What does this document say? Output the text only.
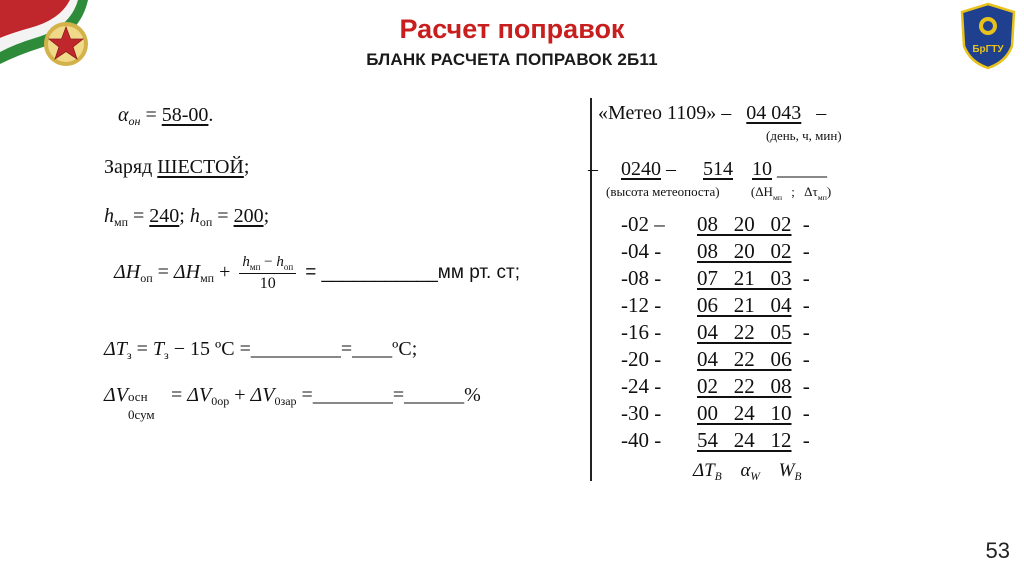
БрГТУ
Расчет поправок
БЛАНК РАСЧЕТА ПОПРАВОК 2Б11
$\alpha_{он} = 58-00$.
Заряд ШЕСТОЙ;
$h_{мп} = 240$; $h_{оп} = 200$;
$\Delta H_{оп} = \Delta H_{мп} + \frac{h_{мп} - h_{оп}}{10}$ = ___________мм рт. ст;
$\Delta T_з = T_з - 15$ ºC =_________=____ºC;
ΔV осн
0сум
= $\Delta V_{0ор} + \Delta V_{0зар}$ =________=______%
«Метео 1109» – 04 043 –
(день, ч, мин)
– 0240 – 514 10 _____
(высота метеопоста) ($\Delta H_{мп}$ ; $\Delta\tau_{мп}$)
-02 – 08   20   02 -
-04 - 08   20   02 -
-08 - 07   21   03 -
-12 - 06   21   04 -
-16 - 04   22   05 -
-20 - 04   22   06 -
-24 - 02   22   08 -
-30 - 00   24   10 -
-40 - 54   24   12 -
$\Delta T_B$ $\alpha_W$ $W_B$
53
